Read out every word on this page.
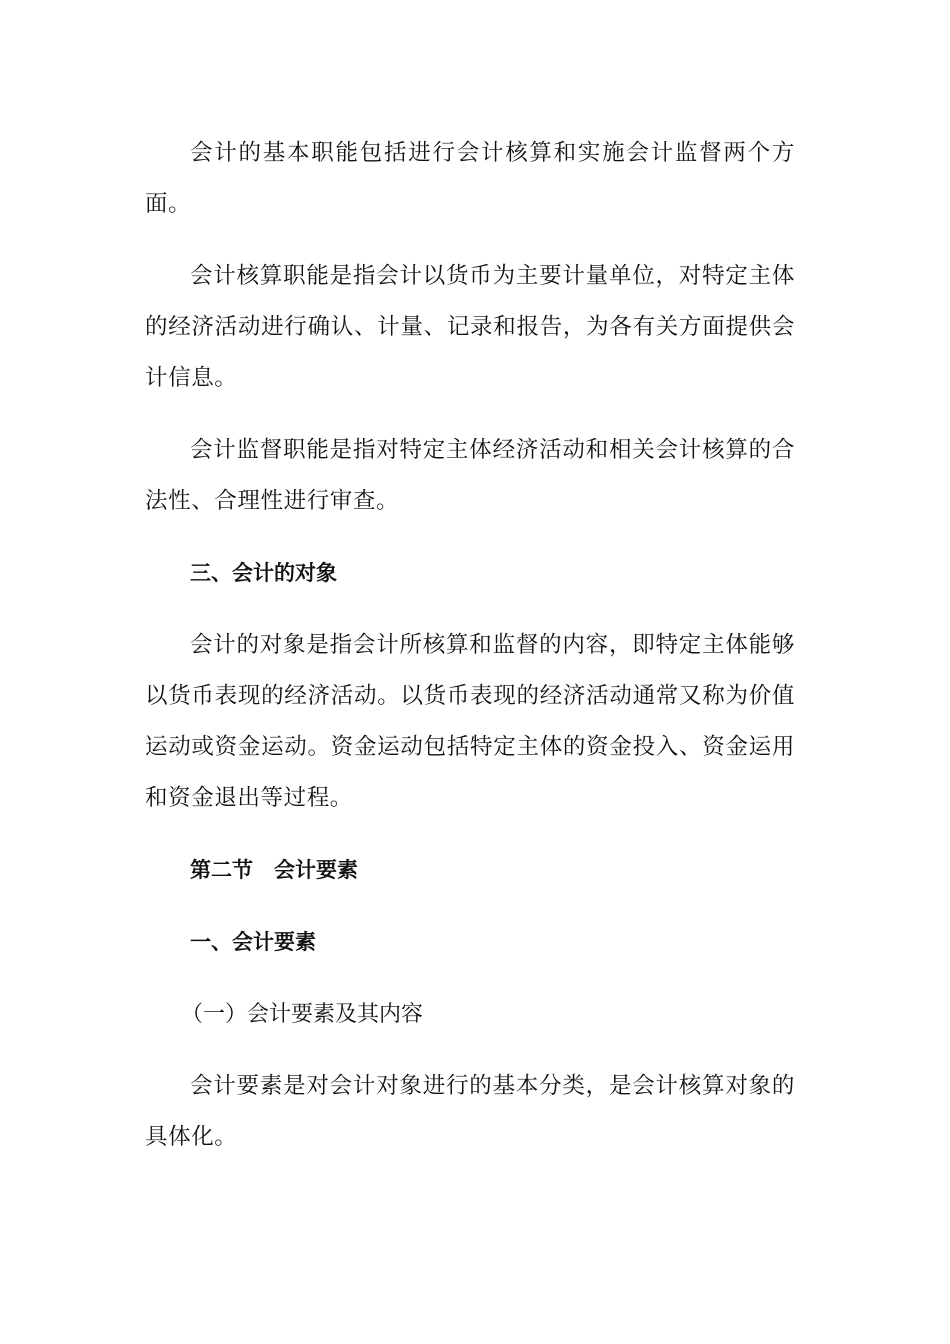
会计的基本职能包括进行会计核算和实施会计监督两个方面。

会计核算职能是指会计以货币为主要计量单位，对特定主体的经济活动进行确认、计量、记录和报告，为各有关方面提供会计信息。

会计监督职能是指对特定主体经济活动和相关会计核算的合法性、合理性进行审查。

三、会计的对象

会计的对象是指会计所核算和监督的内容，即特定主体能够以货币表现的经济活动。以货币表现的经济活动通常又称为价值运动或资金运动。资金运动包括特定主体的资金投入、资金运用和资金退出等过程。

第二节　会计要素

一、会计要素

（一）会计要素及其内容

会计要素是对会计对象进行的基本分类，是会计核算对象的具体化。
